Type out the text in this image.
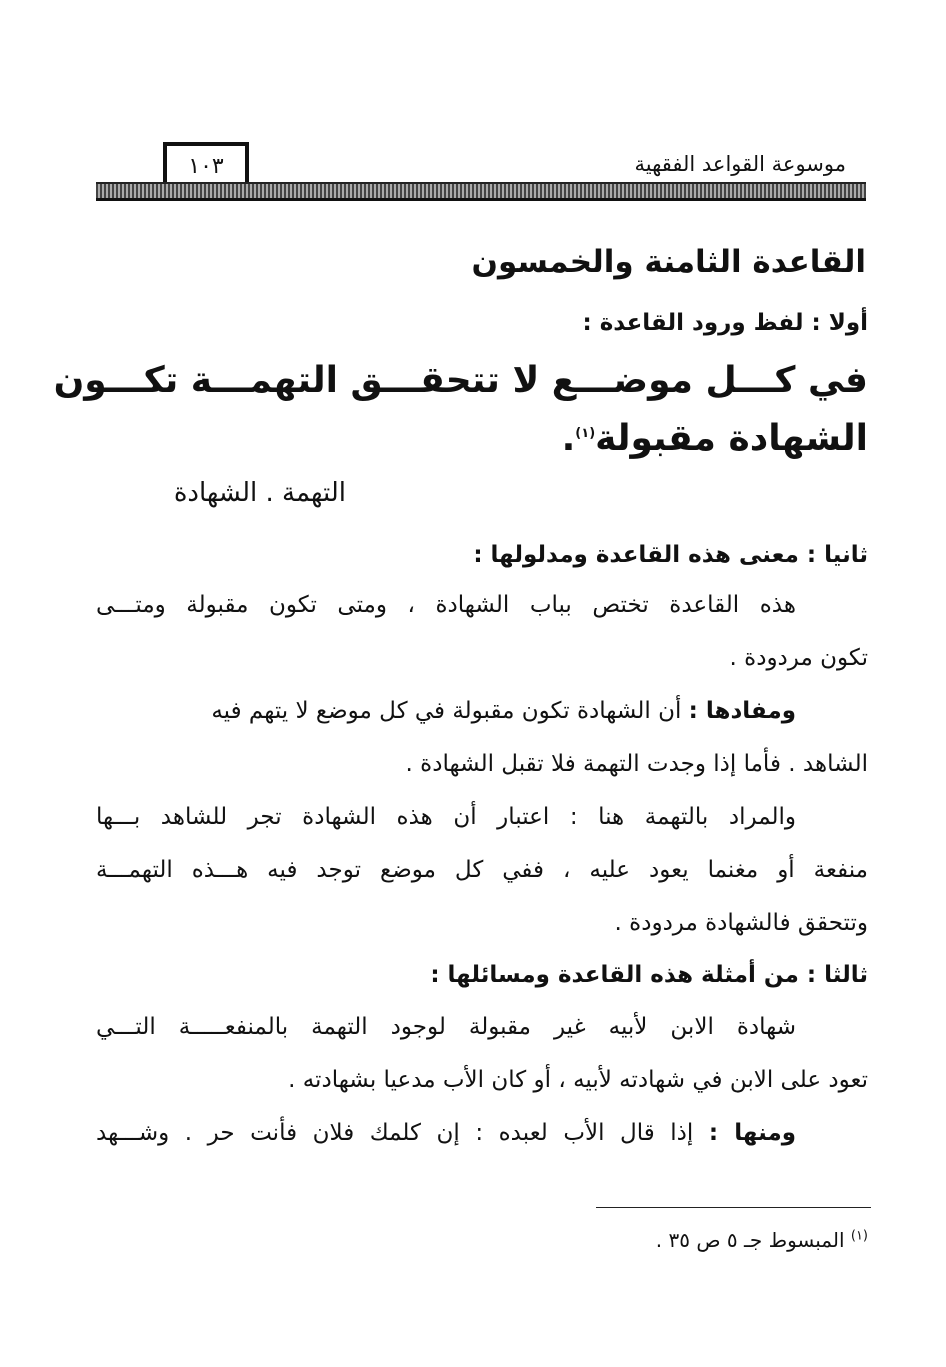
موسوعة القواعد الفقهية
١٠٣
القاعدة الثامنة والخمسون
أولا : لفظ ورود القاعدة :
في كـــل موضـــع لا تتحقـــق التهمـــة تكـــون
الشهادة مقبولة$^{(١)}$.
التهمة . الشهادة
ثانيا : معنى هذه القاعدة ومدلولها :
هذه القاعدة تختص بباب الشهادة ، ومتى تكون مقبولة ومتـــى
تكون مردودة .
ومفادها : أن الشهادة تكون مقبولة في كل موضع لا يتهم فيه
الشاهد . فأما إذا وجدت التهمة فلا تقبل الشهادة .
والمراد بالتهمة هنا : اعتبار أن هذه الشهادة تجر للشاهد بـــها
منفعة أو مغنما يعود عليه ، ففي كل موضع توجد فيه هـــذه التهمـــة
وتتحقق فالشهادة مردودة .
ثالثا : من أمثلة هذه القاعدة ومسائلها :
شهادة الابن لأبيه غير مقبولة لوجود التهمة بالمنفعـــــة التـــي
تعود على الابن في شهادته لأبيه ، أو كان الأب مدعيا بشهادته .
ومنها : إذا قال الأب لعبده : إن كلمك فلان فأنت حر . وشـــهد
$^{(١)}$ المبسوط جـ ٥ ص ٣٥ .
